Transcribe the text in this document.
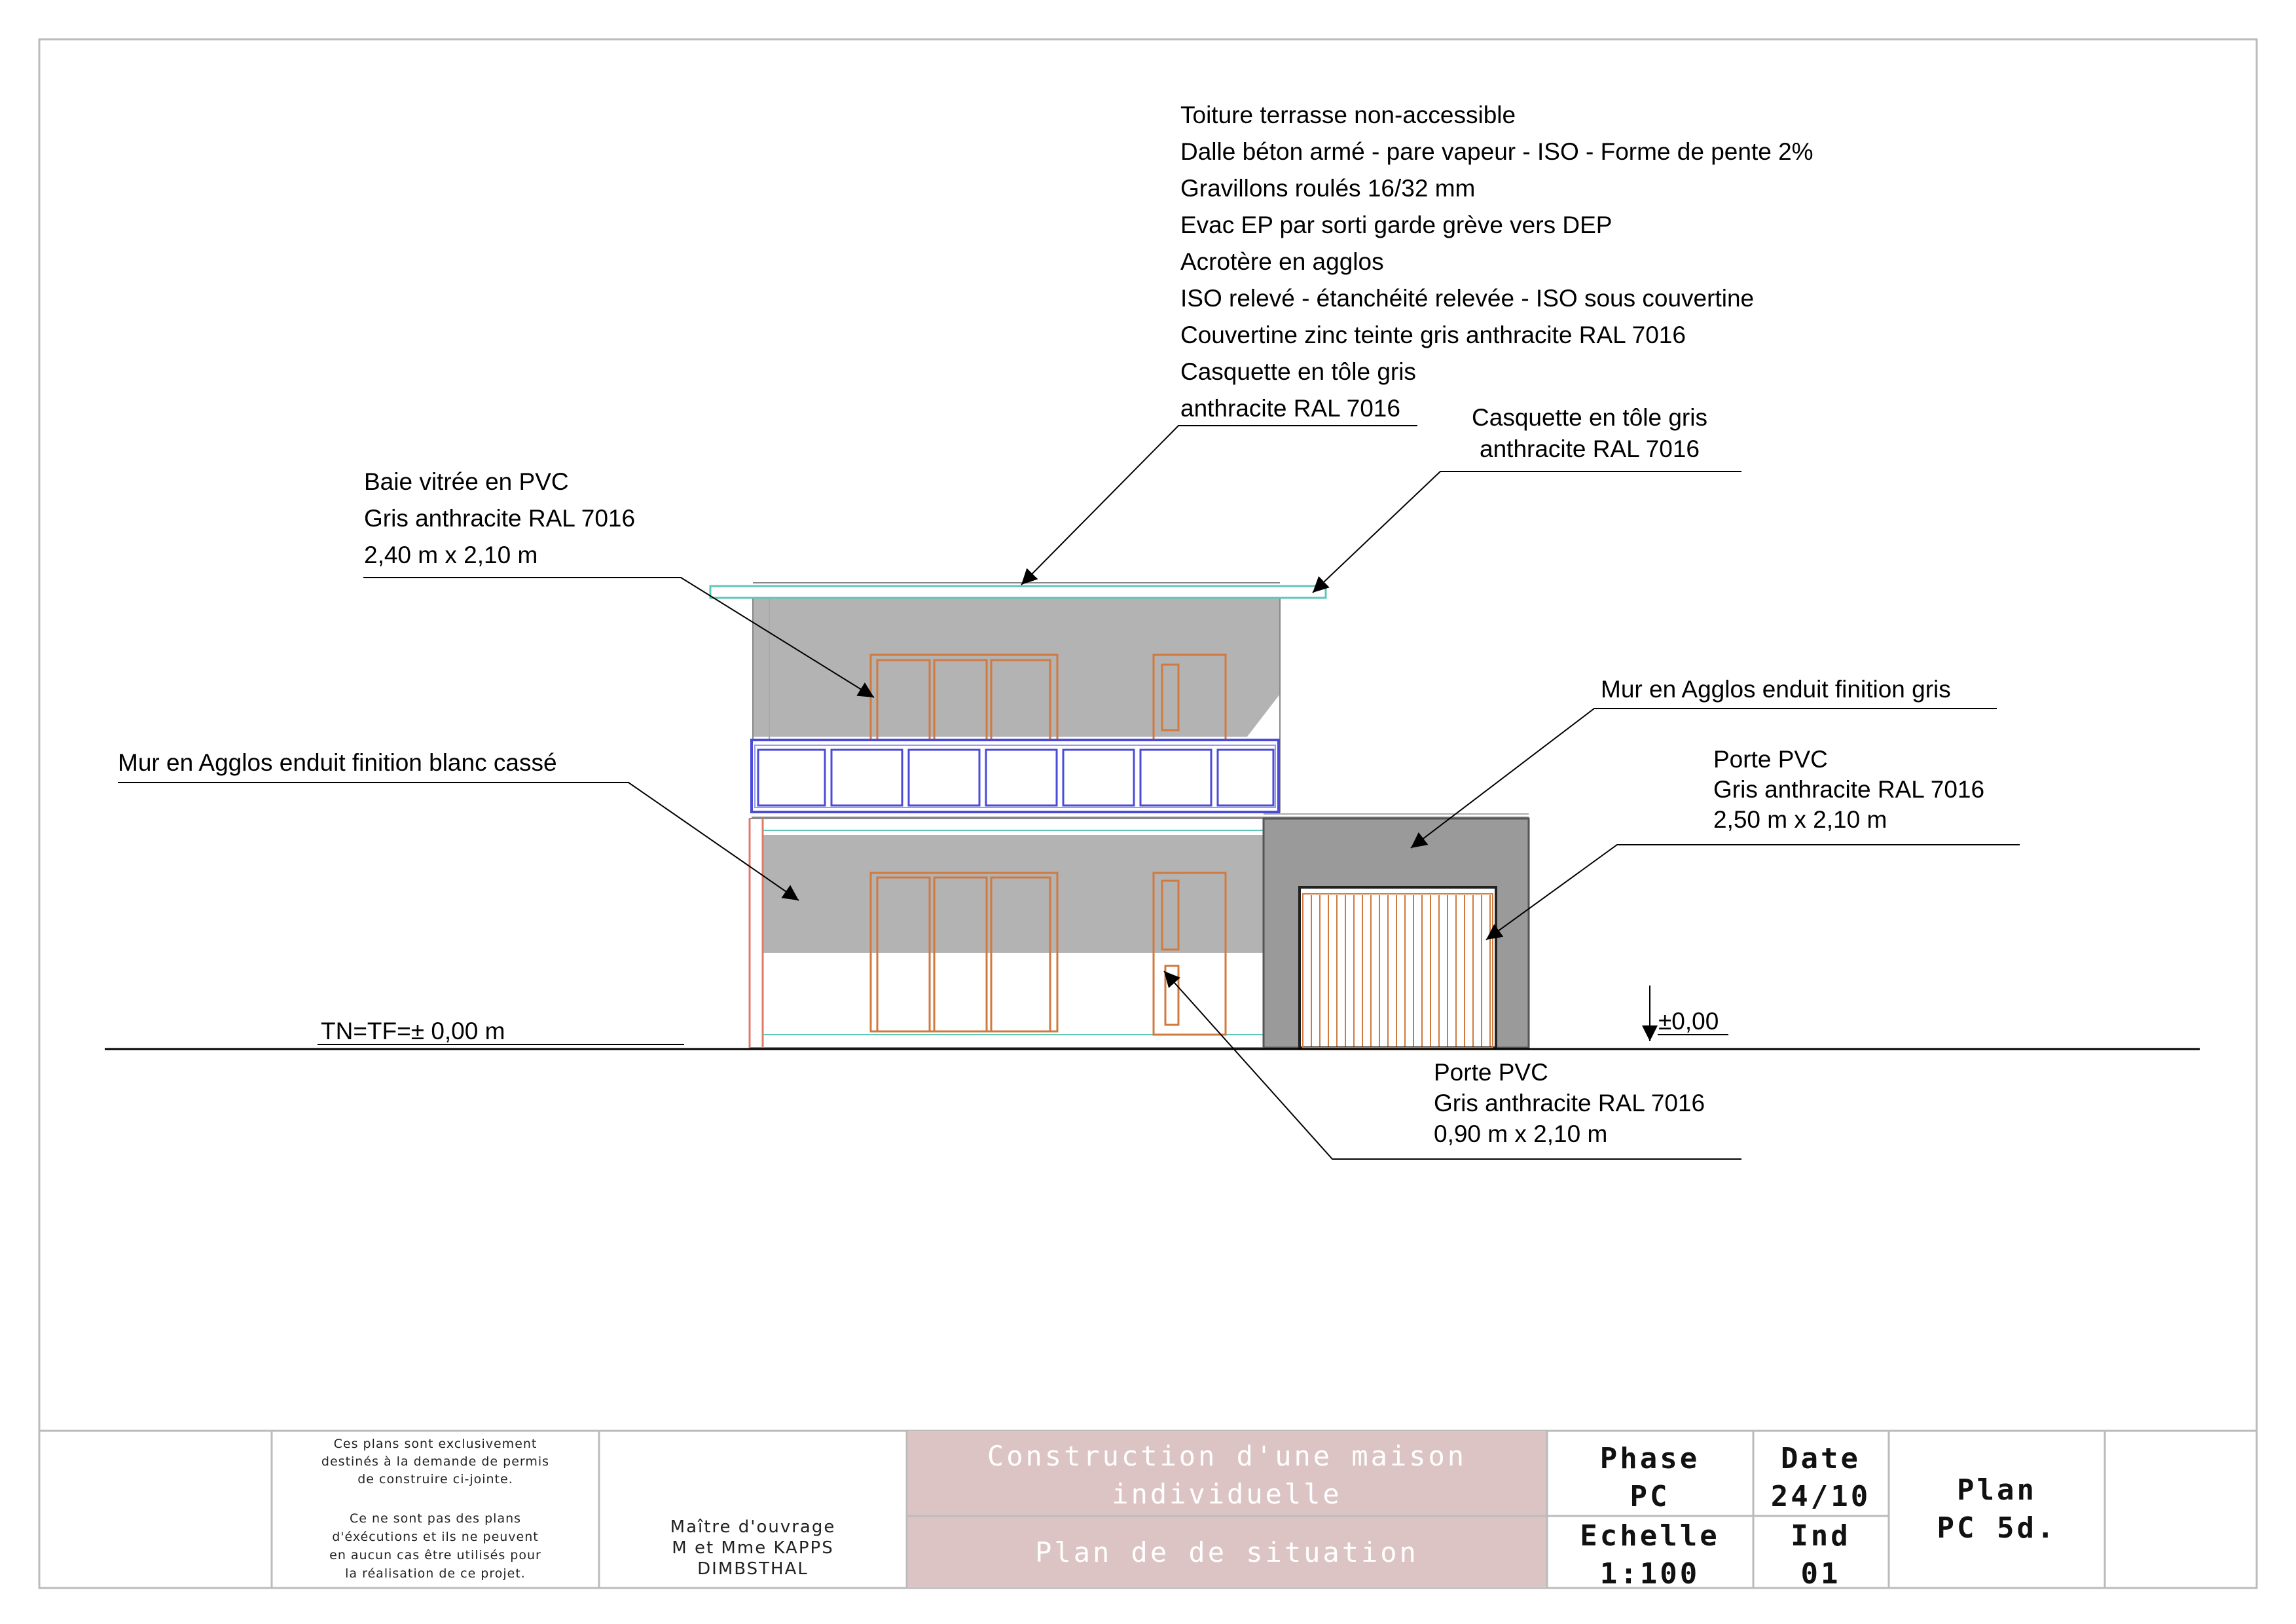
Toiture terrasse non-accessible
Dalle béton armé - pare vapeur - ISO - Forme de pente 2%
Gravillons roulés 16/32 mm
Evac EP par sorti garde grève vers DEP
Acrotère en agglos
ISO relevé - étanchéité relevée - ISO sous couvertine
Couvertine zinc teinte gris anthracite RAL 7016
Casquette en tôle gris
anthracite RAL 7016	Casquette en tôle gris
anthracite RAL 7016
Baie vitrée en PVC
Gris anthracite RAL 7016
2,40 m x 2,10 m
Mur en Agglos enduit finition blanc cassé
Mur en Agglos enduit finition gris
Porte PVC
Gris anthracite RAL 7016
2,50 m x 2,10 m
Porte PVC
Gris anthracite RAL 7016
0,90 m x 2,10 m
TN=TF=± 0,00 m	±0,00
Ces plans sont exclusivement
destinés à la demande de permis
de construire ci-jointe.
Ce ne sont pas des plans
d'éxécutions et ils ne peuvent
en aucun cas être utilisés pour
la réalisation de ce projet.
Maître d'ouvrage
M et Mme KAPPS
DIMBSTHAL
Construction d'une maison
individuelle
Plan de de situation
Phase
PC
Echelle
1:100
Date
24/10
Ind
01
Plan
PC 5d.
